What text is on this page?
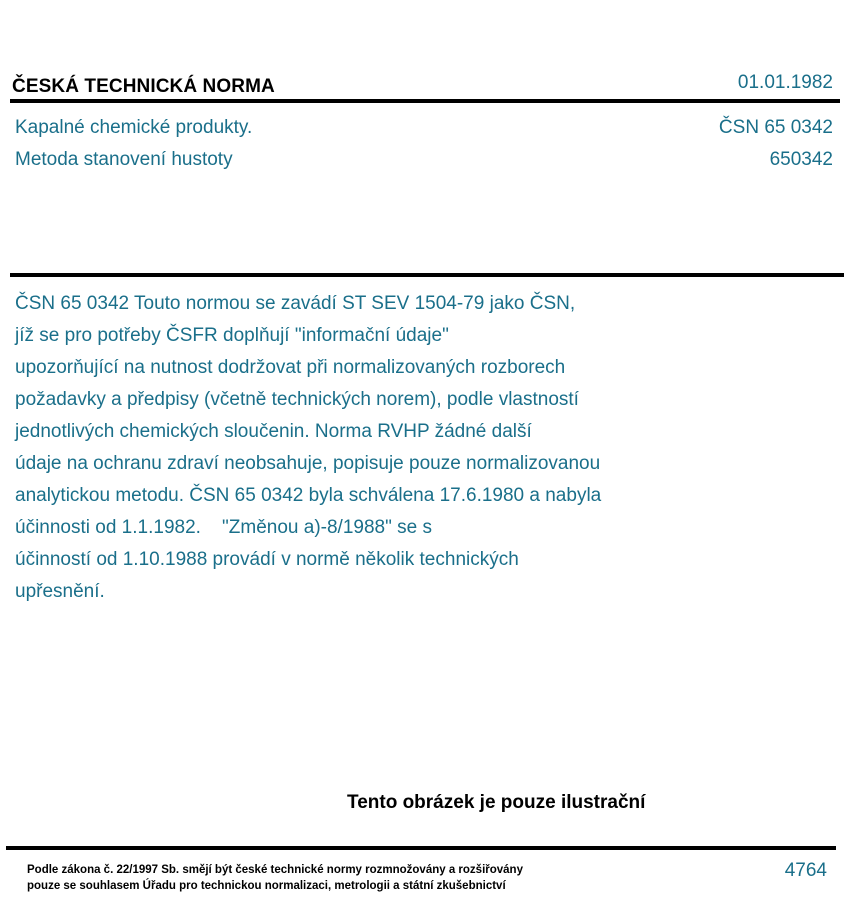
ČESKÁ TECHNICKÁ NORMA	01.01.1982
Kapalné chemické produkty.	ČSN 65 0342
Metoda stanovení hustoty	650342
ČSN 65 0342 Touto normou se zavádí ST SEV 1504-79 jako ČSN,
jíž se pro potřeby ČSFR doplňují "informační údaje"
upozorňující na nutnost dodržovat při normalizovaných rozborech
požadavky a předpisy (včetně technických norem), podle vlastností
jednotlivých chemických sloučenin. Norma RVHP žádné další
údaje na ochranu zdraví neobsahuje, popisuje pouze normalizovanou
analytickou metodu. ČSN 65 0342 byla schválena 17.6.1980 a nabyla
účinnosti od 1.1.1982.    "Změnou a)-8/1988" se s
účinností od 1.10.1988 provádí v normě několik technických
upřesnění.
Tento obrázek je pouze ilustrační
Podle zákona č. 22/1997 Sb. smějí být české technické normy rozmnožovány a rozšiřovány
pouze se souhlasem Úřadu pro technickou normalizaci, metrologii a státní zkušebnictví
4764
